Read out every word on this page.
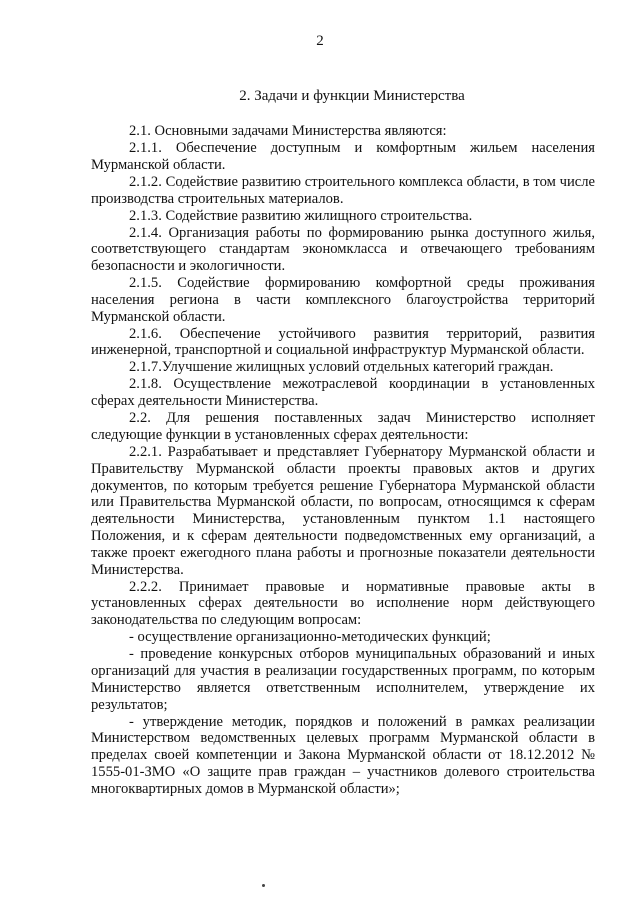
2
2. Задачи и функции Министерства

2.1. Основными задачами Министерства являются:

2.1.1. Обеспечение доступным и комфортным жильем населения Мурманской области.

2.1.2. Содействие развитию строительного комплекса области, в том числе производства строительных материалов.

2.1.3. Содействие развитию жилищного строительства.

2.1.4. Организация работы по формированию рынка доступного жилья, соответствующего стандартам экономкласса и отвечающего требованиям безопасности и экологичности.

2.1.5. Содействие формированию комфортной среды проживания населения региона в части комплексного благоустройства территорий Мурманской области.

2.1.6. Обеспечение устойчивого развития территорий, развития инженерной, транспортной и социальной инфраструктур Мурманской области.

2.1.7.Улучшение жилищных условий отдельных категорий граждан.

2.1.8. Осуществление межотраслевой координации в установленных сферах деятельности Министерства.

2.2. Для решения поставленных задач Министерство исполняет следующие функции в установленных сферах деятельности:

2.2.1. Разрабатывает и представляет Губернатору Мурманской области и Правительству Мурманской области проекты правовых актов и других документов, по которым требуется решение Губернатора Мурманской области или Правительства Мурманской области, по вопросам, относящимся к сферам деятельности Министерства, установленным пунктом 1.1 настоящего Положения, и к сферам деятельности подведомственных ему организаций, а также проект ежегодного плана работы и прогнозные показатели деятельности Министерства.

2.2.2. Принимает правовые и нормативные правовые акты в установленных сферах деятельности во исполнение норм действующего законодательства по следующим вопросам:

- осуществление организационно-методических функций;

- проведение конкурсных отборов муниципальных образований и иных организаций для участия в реализации государственных программ, по которым Министерство является ответственным исполнителем, утверждение их результатов;

- утверждение методик, порядков и положений в рамках реализации Министерством ведомственных целевых программ Мурманской области в пределах своей компетенции и Закона Мурманской области от 18.12.2012 № 1555-01-ЗМО «О защите прав граждан – участников долевого строительства многоквартирных домов в Мурманской области»;
